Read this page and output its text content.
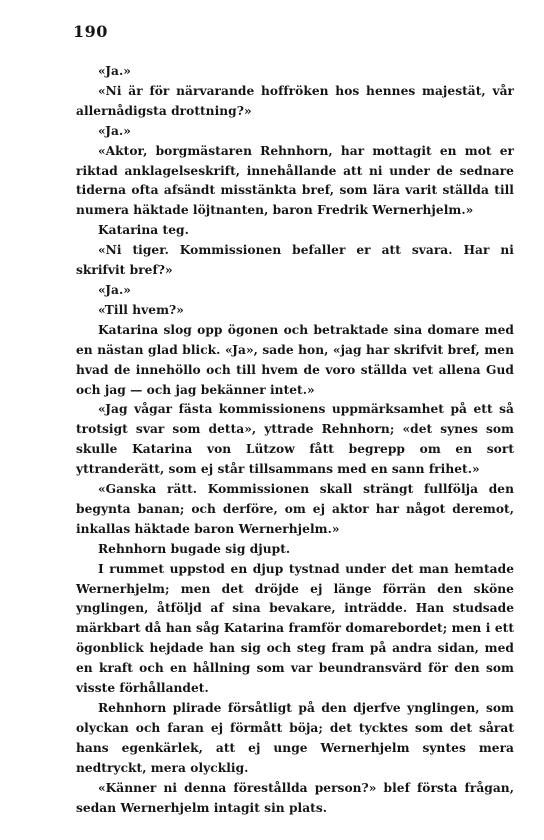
190

«Ja.»

«Ni är för närvarande hoffröken hos hennes majestät, vår allernådigsta drottning?»

«Ja.»

«Aktor, borgmästaren Rehnhorn, har mottagit en mot er riktad anklagelseskrift, innehållande att ni under de sednare tiderna ofta afsändt misstänkta bref, som lära varit ställda till numera häktade löjtnanten, baron Fredrik Wernerhjelm.»

Katarina teg.

«Ni tiger. Kommissionen befaller er att svara. Har ni skrifvit bref?»

«Ja.»

«Till hvem?»

Katarina slog opp ögonen och betraktade sina domare med en nästan glad blick. «Ja», sade hon, «jag har skrifvit bref, men hvad de innehöllo och till hvem de voro ställda vet allena Gud och jag — och jag bekänner intet.»

«Jag vågar fästa kommissionens uppmärksamhet på ett så trotsigt svar som detta», yttrade Rehnhorn; «det synes som skulle Katarina von Lützow fått begrepp om en sort yttranderätt, som ej står tillsammans med en sann frihet.»

«Ganska rätt. Kommissionen skall strängt fullfölja den begynta banan; och derföre, om ej aktor har något deremot, inkallas häktade baron Wernerhjelm.»

Rehnhorn bugade sig djupt.

I rummet uppstod en djup tystnad under det man hemtade Wernerhjelm; men det dröjde ej länge förrän den sköne ynglingen, åtföljd af sina bevakare, inträdde. Han studsade märkbart då han såg Katarina framför domarebordet; men i ett ögonblick hejdade han sig och steg fram på andra sidan, med en kraft och en hållning som var beundransvärd för den som visste förhållandet.

Rehnhorn plirade försåtligt på den djerfve ynglingen, som olyckan och faran ej förmått böja; det tycktes som det sårat hans egenkärlek, att ej unge Wernerhjelm syntes mera nedtryckt, mera olycklig.

«Känner ni denna förestållda person?» blef första frågan, sedan Wernerhjelm intagit sin plats.
